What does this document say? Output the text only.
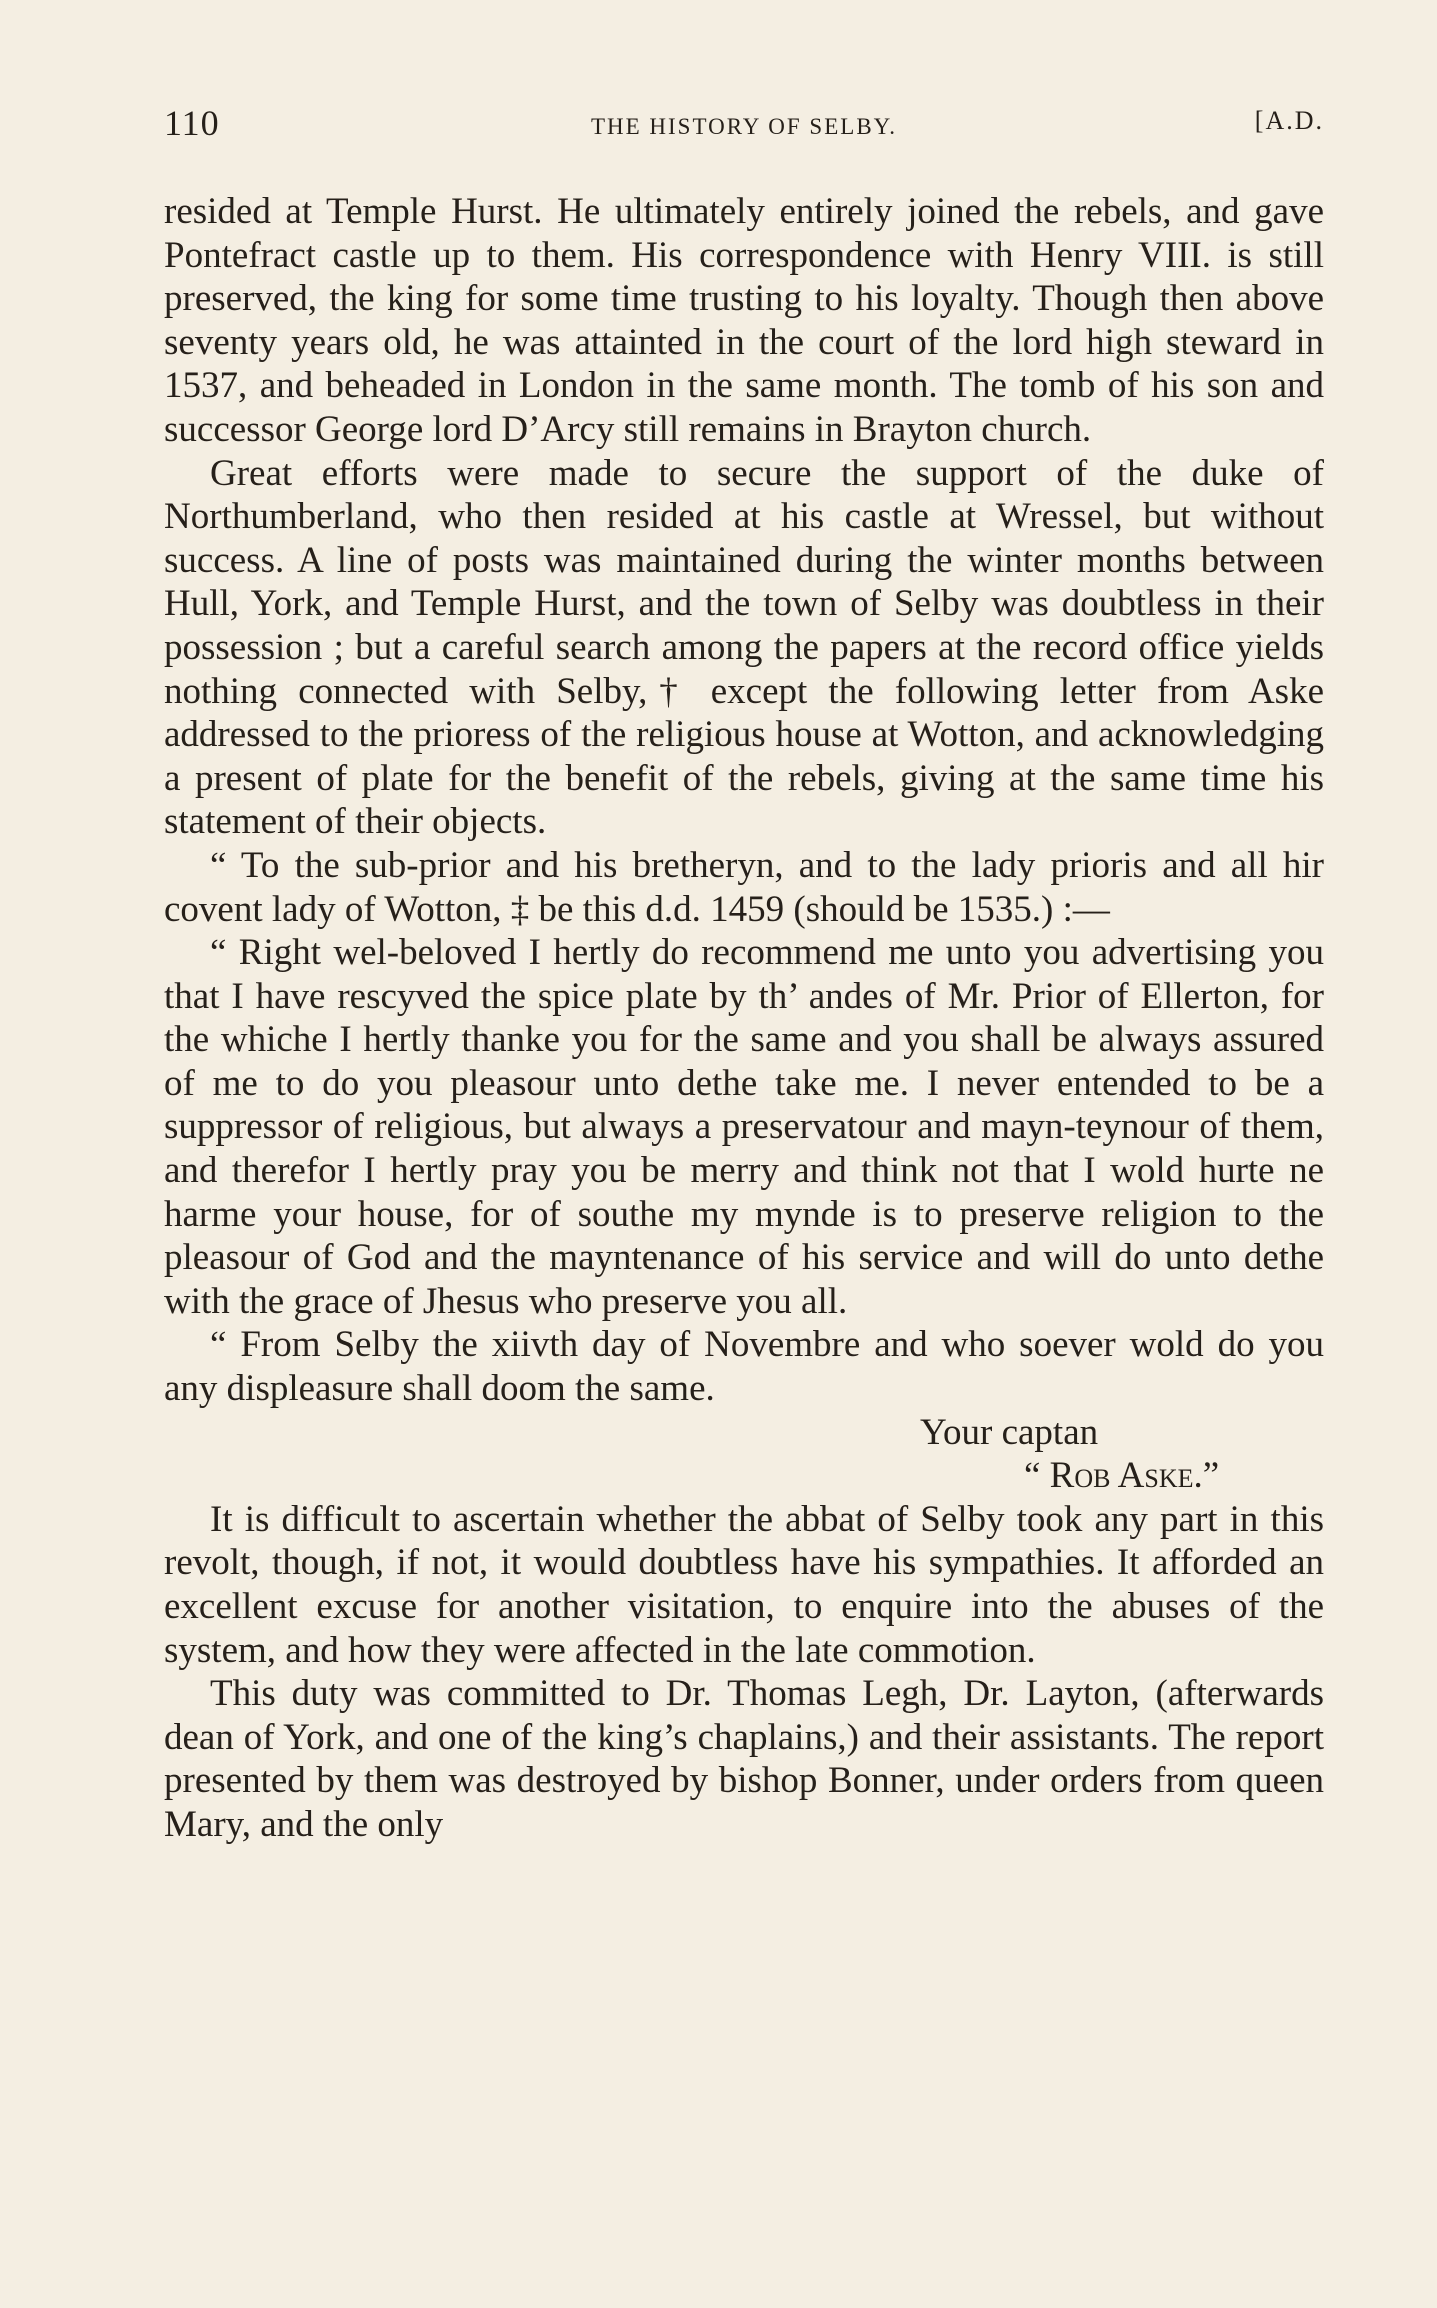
110	THE HISTORY OF SELBY.	[A.D.

resided at Temple Hurst. He ultimately entirely joined the rebels, and gave Pontefract castle up to them. His correspondence with Henry VIII. is still preserved, the king for some time trusting to his loyalty. Though then above seventy years old, he was attainted in the court of the lord high steward in 1537, and beheaded in London in the same month. The tomb of his son and successor George lord D’Arcy still remains in Brayton church.

Great efforts were made to secure the support of the duke of Northumberland, who then resided at his castle at Wressel, but without success. A line of posts was maintained during the winter months between Hull, York, and Temple Hurst, and the town of Selby was doubtless in their possession ; but a careful search among the papers at the record office yields nothing connected with Selby,† except the following letter from Aske addressed to the prioress of the religious house at Wotton, and acknowledging a present of plate for the benefit of the rebels, giving at the same time his statement of their objects.

“ To the sub-prior and his bretheryn, and to the lady prioris and all hir covent lady of Wotton, ‡ be this d.d. 1459 (should be 1535.) :—

“ Right wel-beloved I hertly do recommend me unto you advertising you that I have rescyved the spice plate by th’ andes of Mr. Prior of Ellerton, for the whiche I hertly thanke you for the same and you shall be always assured of me to do you pleasour unto dethe take me. I never entended to be a suppressor of religious, but always a preservatour and mayn-teynour of them, and therefor I hertly pray you be merry and think not that I wold hurte ne harme your house, for of southe my mynde is to preserve religion to the pleasour of God and the mayntenance of his service and will do unto dethe with the grace of Jhesus who preserve you all.

“ From Selby the xiivth day of Novembre and who soever wold do you any displeasure shall doom the same.

Your captan

“ Rob Aske.”

It is difficult to ascertain whether the abbat of Selby took any part in this revolt, though, if not, it would doubtless have his sympathies. It afforded an excellent excuse for another visitation, to enquire into the abuses of the system, and how they were affected in the late commotion.

This duty was committed to Dr. Thomas Legh, Dr. Layton, (afterwards dean of York, and one of the king’s chaplains,) and their assistants. The report presented by them was destroyed by bishop Bonner, under orders from queen Mary, and the only
